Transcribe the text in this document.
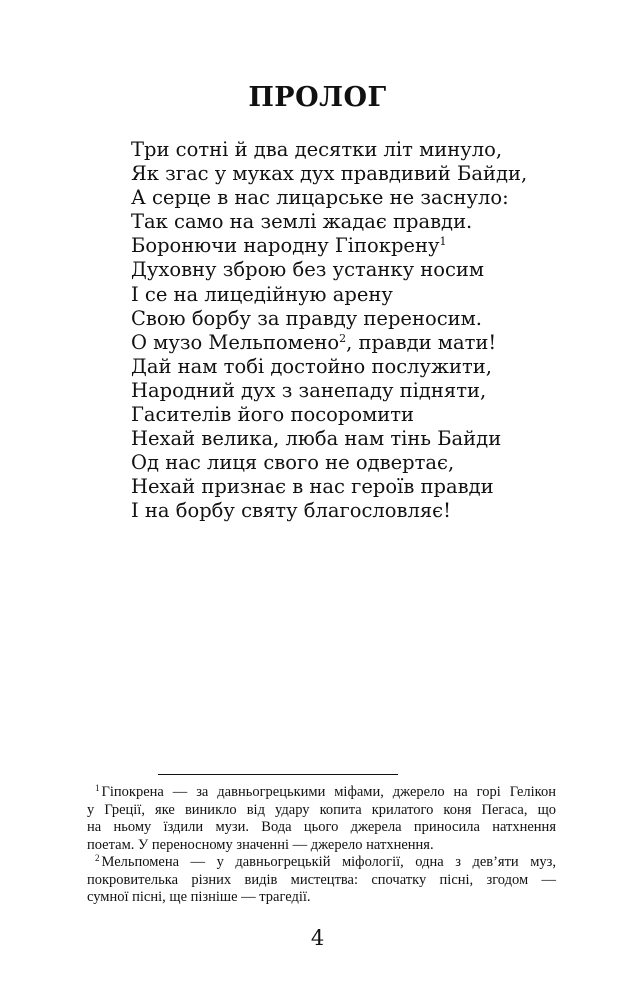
ПРОЛОГ
Три сотні й два десятки літ минуло,
Як згас у муках дух правдивий Байди,
А серце в нас лицарське не заснуло:
Так само на землі жадає правди.
Боронючи народну Гіпокрену$^1$
Духовну зброю без устанку носим
І се на лицедійную арену
Свою борбу за правду переносим.
О музо Мельпомено$^2$, правди мати!
Дай нам тобі достойно послужити,
Народний дух з занепаду підняти,
Гасителів його посоромити
Нехай велика, люба нам тінь Байди
Од нас лиця свого не одвертає,
Нехай признає в нас героїв правди
І на борбу святу благословляє!
$^1$ Гіпокрена — за давньогрецькими міфами, джерело на горі Гелікон
у Греції, яке виникло від удару копита крилатого коня Пегаса, що
на ньому їздили музи. Вода цього джерела приносила натхнення
поетам. У переносному значенні — джерело натхнення.
$^2$ Мельпомена — у давньогрецькій міфології, одна з дев’яти муз,
покровителька різних видів мистецтва: спочатку пісні, згодом —
сумної пісні, ще пізніше — трагедії.
4
